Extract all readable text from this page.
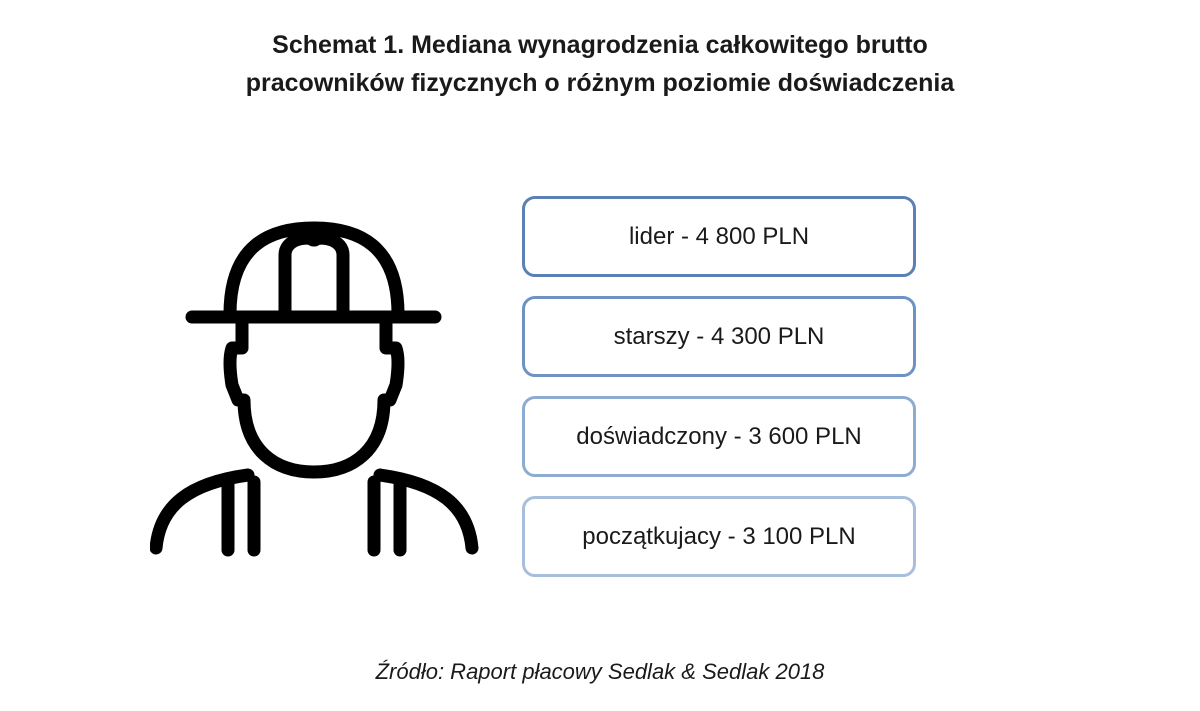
Schemat 1. Mediana wynagrodzenia całkowitego brutto
pracowników fizycznych o różnym poziomie doświadczenia
lider - 4 800 PLN
starszy - 4 300 PLN
doświadczony - 3 600 PLN
początkujacy - 3 100 PLN
Źródło: Raport płacowy Sedlak & Sedlak 2018
